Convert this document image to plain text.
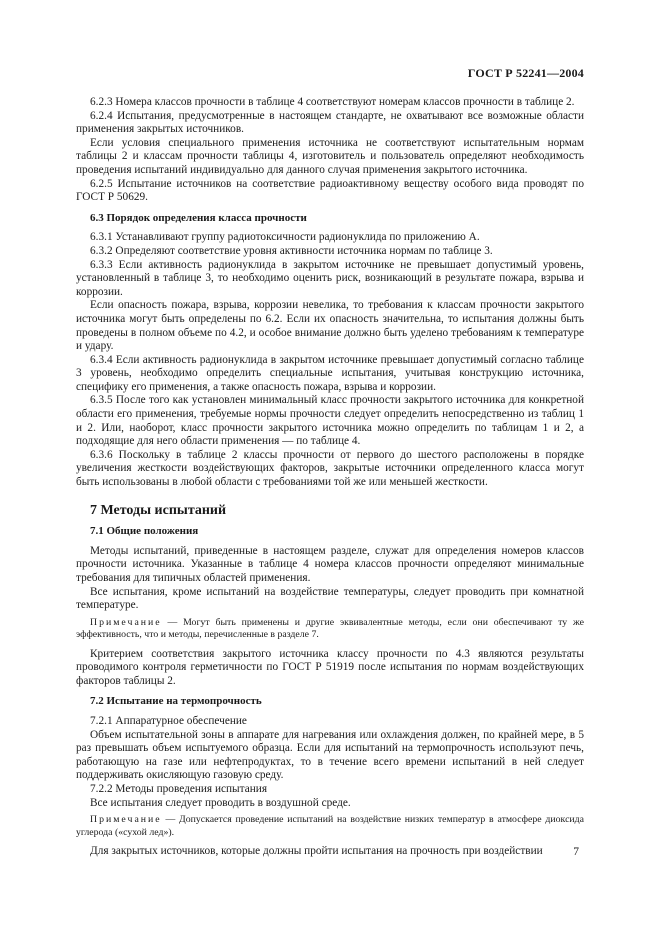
ГОСТ Р 52241—2004

6.2.3 Номера классов прочности в таблице 4 соответствуют номерам классов прочности в таблице 2.

6.2.4 Испытания, предусмотренные в настоящем стандарте, не охватывают все возможные области применения закрытых источников.

Если условия специального применения источника не соответствуют испытательным нормам таблицы 2 и классам прочности таблицы 4, изготовитель и пользователь определяют необходимость проведения испытаний индивидуально для данного случая применения закрытого источника.

6.2.5 Испытание источников на соответствие радиоактивному веществу особого вида проводят по ГОСТ Р 50629.

6.3 Порядок определения класса прочности

6.3.1 Устанавливают группу радиотоксичности радионуклида по приложению А.

6.3.2 Определяют соответствие уровня активности источника нормам по таблице 3.

6.3.3 Если активность радионуклида в закрытом источнике не превышает допустимый уровень, установленный в таблице 3, то необходимо оценить риск, возникающий в результате пожара, взрыва и коррозии.

Если опасность пожара, взрыва, коррозии невелика, то требования к классам прочности закрытого источника могут быть определены по 6.2. Если их опасность значительна, то испытания должны быть проведены в полном объеме по 4.2, и особое внимание должно быть уделено требованиям к температуре и удару.

6.3.4 Если активность радионуклида в закрытом источнике превышает допустимый согласно таблице 3 уровень, необходимо определить специальные испытания, учитывая конструкцию источника, специфику его применения, а также опасность пожара, взрыва и коррозии.

6.3.5 После того как установлен минимальный класс прочности закрытого источника для конкретной области его применения, требуемые нормы прочности следует определить непосредственно из таблиц 1 и 2. Или, наоборот, класс прочности закрытого источника можно определить по таблицам 1 и 2, а подходящие для него области применения — по таблице 4.

6.3.6 Поскольку в таблице 2 классы прочности от первого до шестого расположены в порядке увеличения жесткости воздействующих факторов, закрытые источники определенного класса могут быть использованы в любой области с требованиями той же или меньшей жесткости.

7 Методы испытаний
7.1 Общие положения

Методы испытаний, приведенные в настоящем разделе, служат для определения номеров классов прочности источника. Указанные в таблице 4 номера классов прочности определяют минимальные требования для типичных областей применения.

Все испытания, кроме испытаний на воздействие температуры, следует проводить при комнатной температуре.

Примечание — Могут быть применены и другие эквивалентные методы, если они обеспечивают ту же эффективность, что и методы, перечисленные в разделе 7.

Критерием соответствия закрытого источника классу прочности по 4.3 являются результаты проводимого контроля герметичности по ГОСТ Р 51919 после испытания по нормам воздействующих факторов таблицы 2.

7.2 Испытание на термопрочность

7.2.1 Аппаратурное обеспечение

Объем испытательной зоны в аппарате для нагревания или охлаждения должен, по крайней мере, в 5 раз превышать объем испытуемого образца. Если для испытаний на термопрочность используют печь, работающую на газе или нефтепродуктах, то в течение всего времени испытаний в ней следует поддерживать окисляющую газовую среду.

7.2.2 Методы проведения испытания

Все испытания следует проводить в воздушной среде.

Примечание — Допускается проведение испытаний на воздействие низких температур в атмосфере диоксида углерода («сухой лед»).

Для закрытых источников, которые должны пройти испытания на прочность при воздействии	7
